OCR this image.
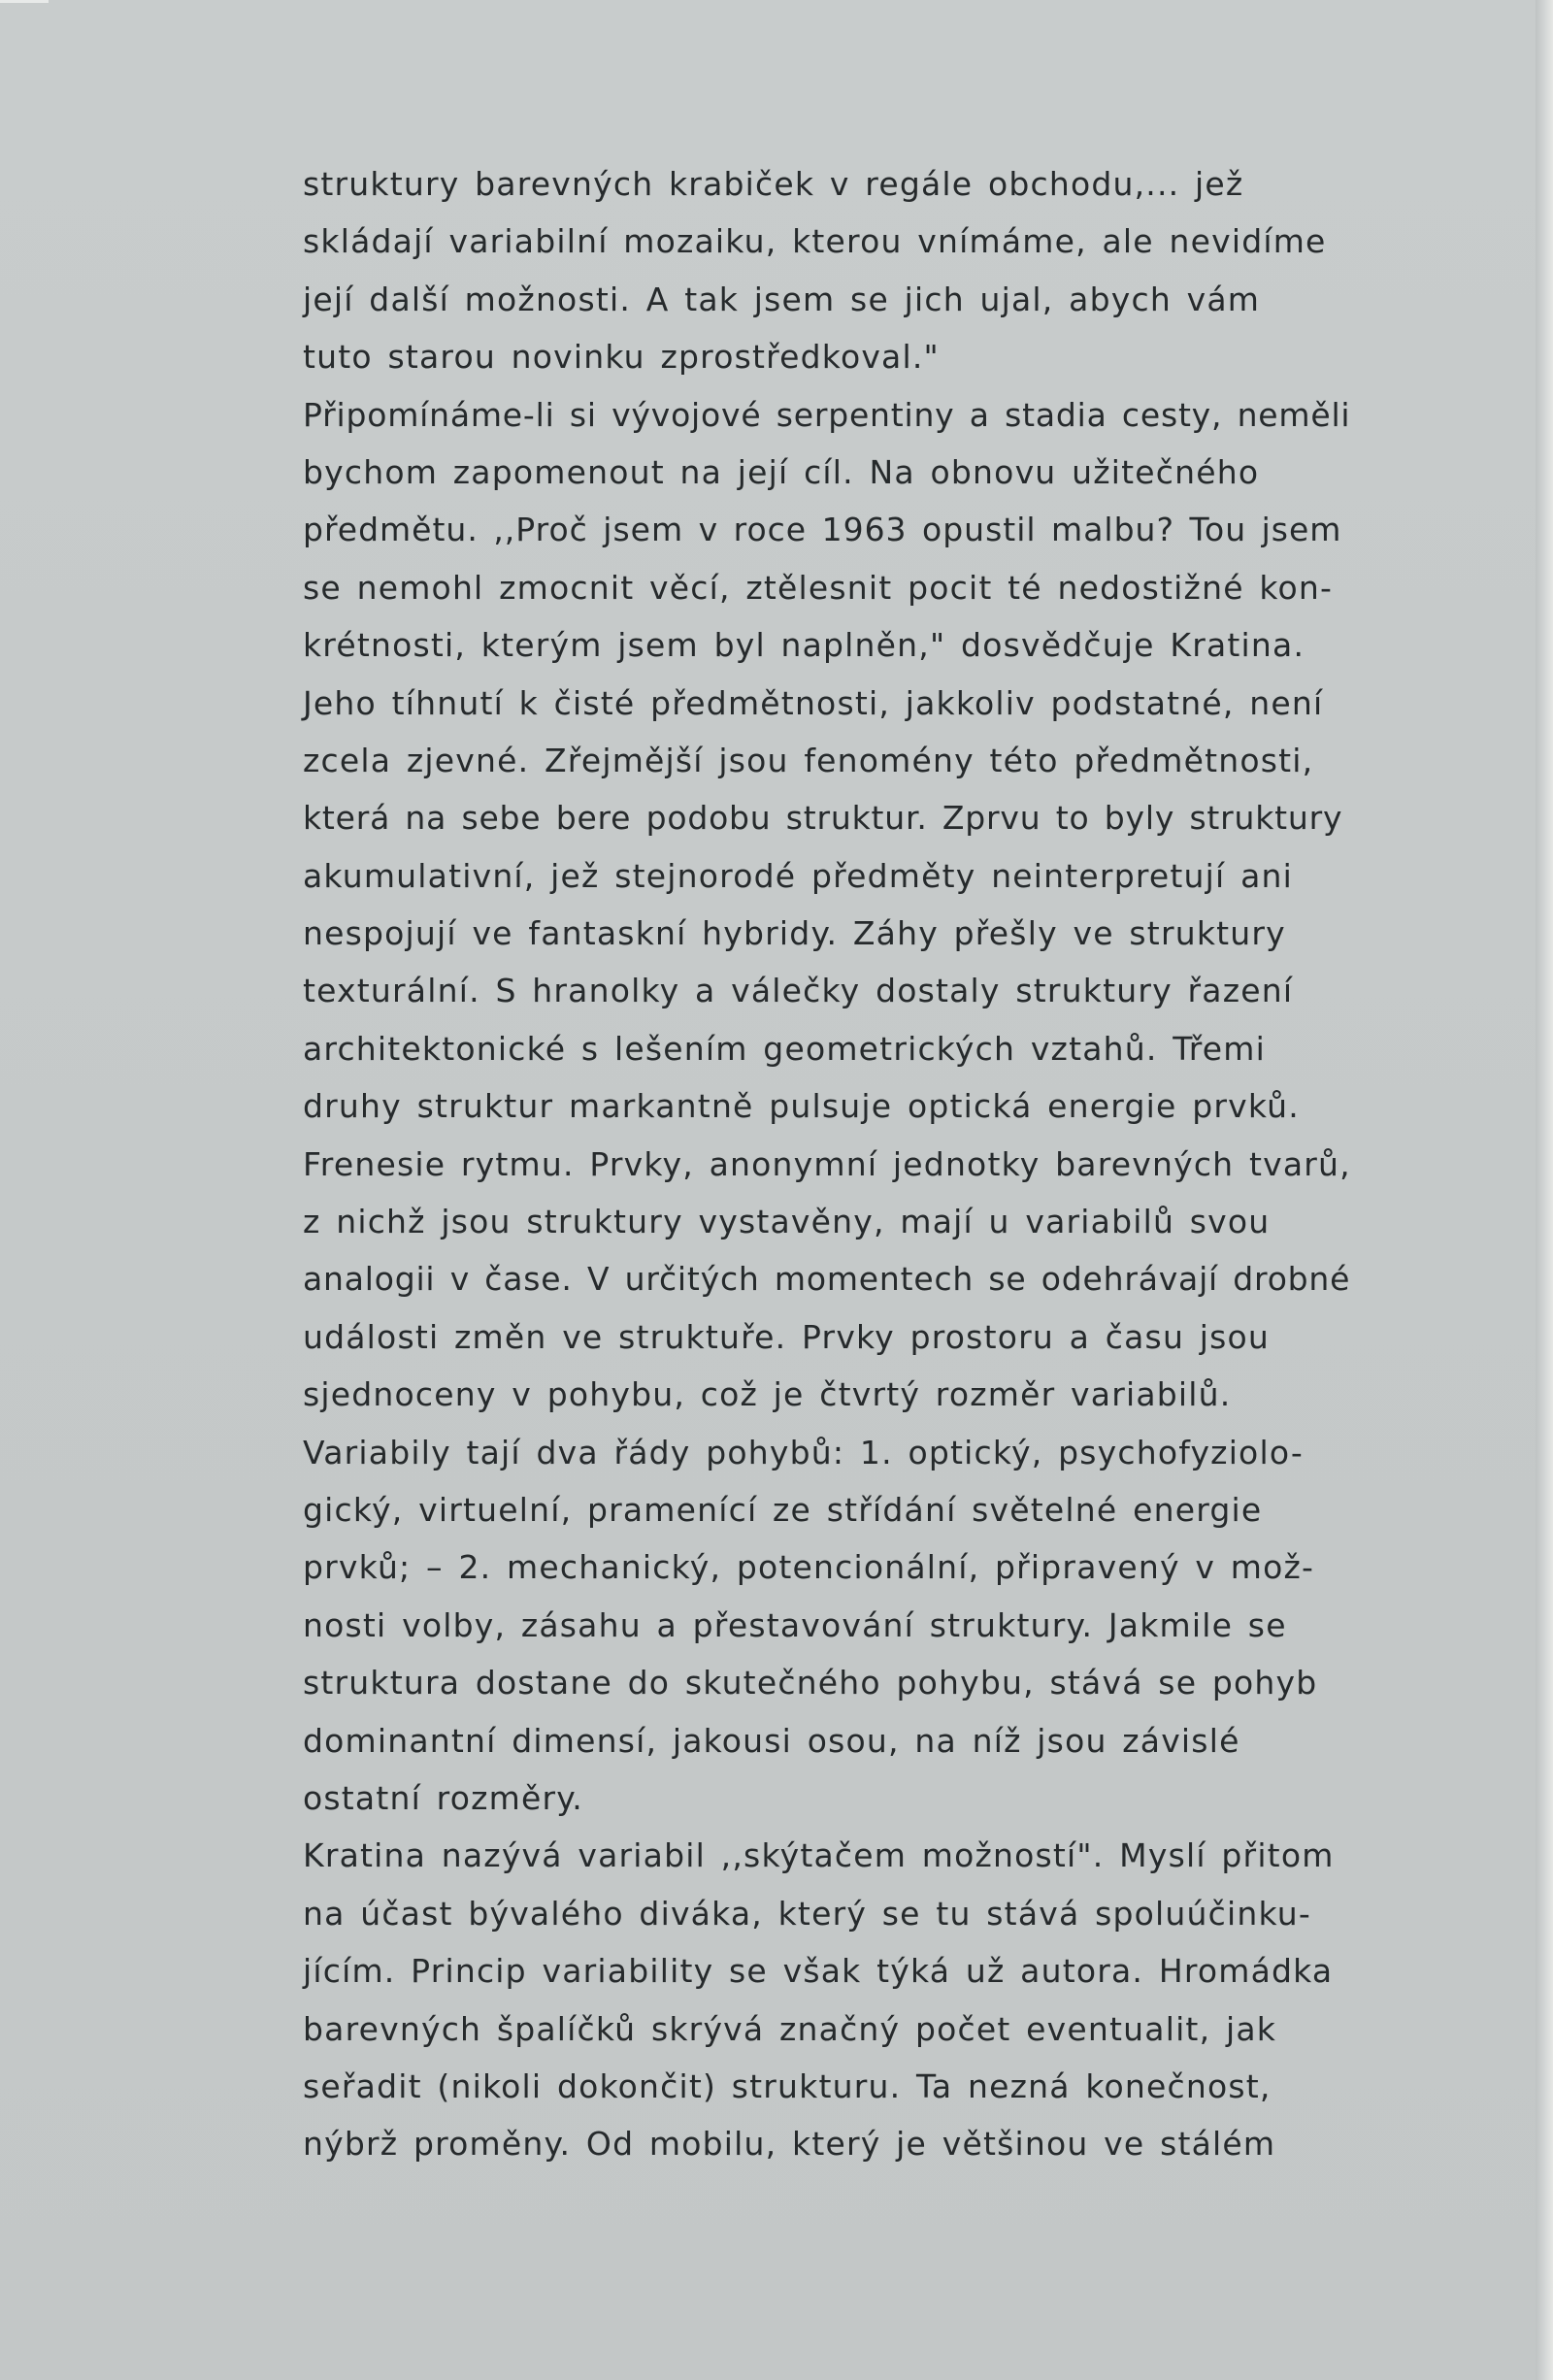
struktury barevných krabiček v regále obchodu,... jež
skládají variabilní mozaiku, kterou vnímáme, ale nevidíme
její další možnosti. A tak jsem se jich ujal, abych vám
tuto starou novinku zprostředkoval."
Připomínáme-li si vývojové serpentiny a stadia cesty, neměli
bychom zapomenout na její cíl. Na obnovu užitečného
předmětu. ,,Proč jsem v roce 1963 opustil malbu? Tou jsem
se nemohl zmocnit věcí, ztělesnit pocit té nedostižné kon-
krétnosti, kterým jsem byl naplněn," dosvědčuje Kratina.
Jeho tíhnutí k čisté předmětnosti, jakkoliv podstatné, není
zcela zjevné. Zřejmější jsou fenomény této předmětnosti,
která na sebe bere podobu struktur. Zprvu to byly struktury
akumulativní, jež stejnorodé předměty neinterpretují ani
nespojují ve fantaskní hybridy. Záhy přešly ve struktury
texturální. S hranolky a válečky dostaly struktury řazení
architektonické s lešením geometrických vztahů. Třemi
druhy struktur markantně pulsuje optická energie prvků.
Frenesie rytmu. Prvky, anonymní jednotky barevných tvarů,
z nichž jsou struktury vystavěny, mají u variabilů svou
analogii v čase. V určitých momentech se odehrávají drobné
události změn ve struktuře. Prvky prostoru a času jsou
sjednoceny v pohybu, což je čtvrtý rozměr variabilů.
Variabily tají dva řády pohybů: 1. optický, psychofyziolo-
gický, virtuelní, pramenící ze střídání světelné energie
prvků; – 2. mechanický, potencionální, připravený v mož-
nosti volby, zásahu a přestavování struktury. Jakmile se
struktura dostane do skutečného pohybu, stává se pohyb
dominantní dimensí, jakousi osou, na níž jsou závislé
ostatní rozměry.
Kratina nazývá variabil ,,skýtačem možností". Myslí přitom
na účast bývalého diváka, který se tu stává spoluúčinku-
jícím. Princip variability se však týká už autora. Hromádka
barevných špalíčků skrývá značný počet eventualit, jak
seřadit (nikoli dokončit) strukturu. Ta nezná konečnost,
nýbrž proměny. Od mobilu, který je většinou ve stálém
